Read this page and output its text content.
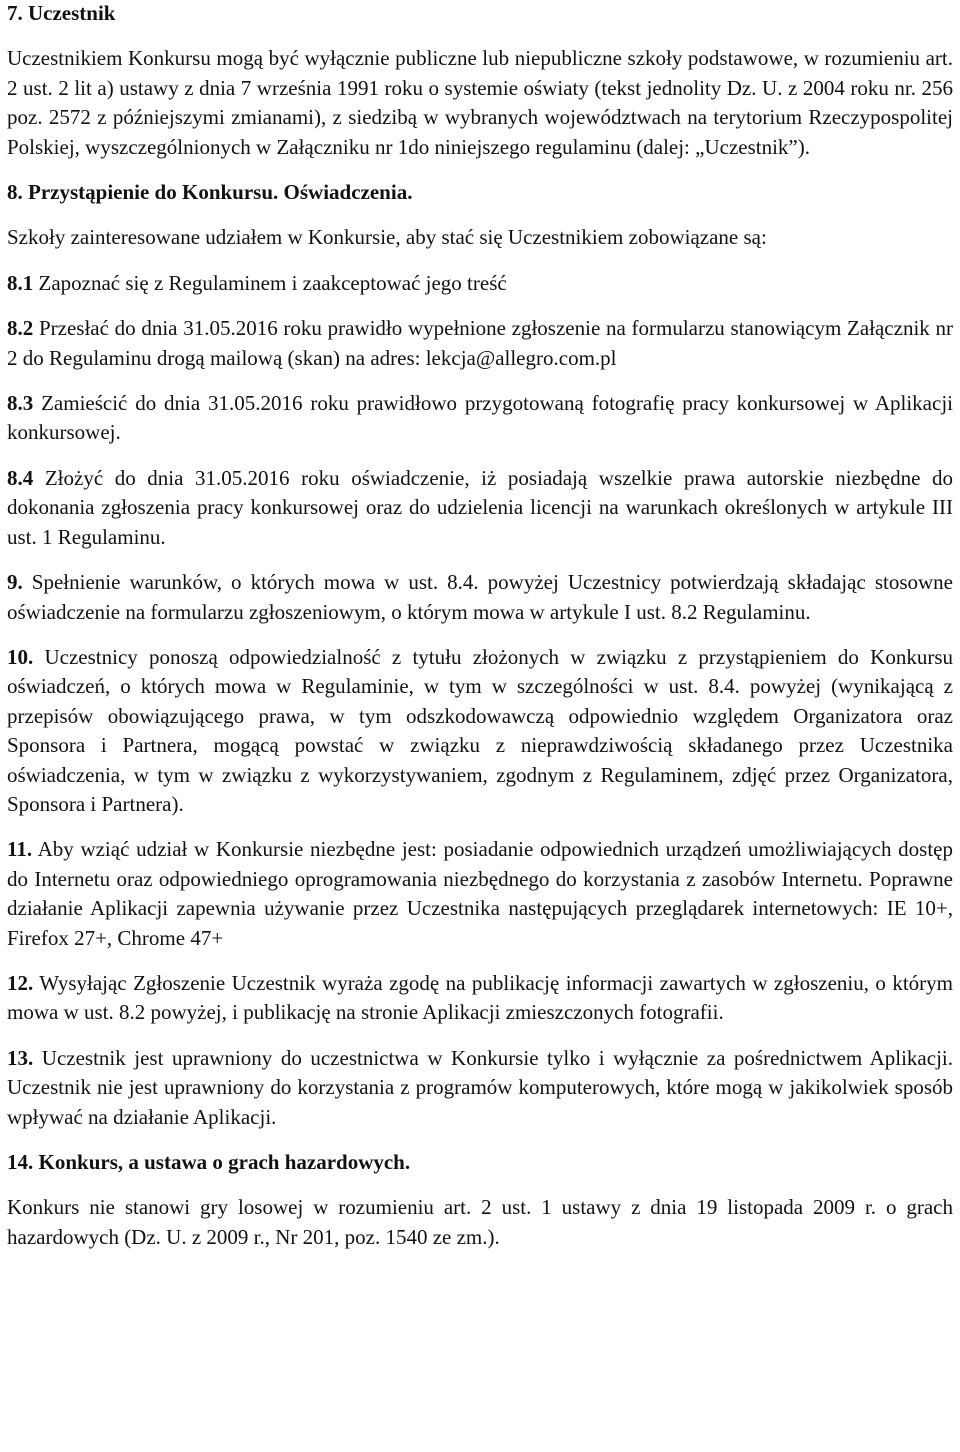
7. Uczestnik

Uczestnikiem Konkursu mogą być wyłącznie publiczne lub niepubliczne szkoły podstawowe, w rozumieniu art. 2 ust. 2 lit a) ustawy z dnia 7 września 1991 roku o systemie oświaty (tekst jednolity Dz. U. z 2004 roku nr. 256 poz. 2572 z późniejszymi zmianami), z siedzibą w wybranych województwach na terytorium Rzeczypospolitej Polskiej, wyszczególnionych w Załączniku nr 1do niniejszego regulaminu (dalej: „Uczestnik”).

8. Przystąpienie do Konkursu. Oświadczenia.

Szkoły zainteresowane udziałem w Konkursie, aby stać się Uczestnikiem zobowiązane są:

8.1 Zapoznać się z Regulaminem i zaakceptować jego treść

8.2 Przesłać do dnia 31.05.2016 roku prawidło wypełnione zgłoszenie na formularzu stanowiącym Załącznik nr 2 do Regulaminu drogą mailową (skan) na adres: lekcja@allegro.com.pl

8.3 Zamieścić do dnia 31.05.2016 roku prawidłowo przygotowaną fotografię pracy konkursowej w Aplikacji konkursowej.

8.4 Złożyć do dnia 31.05.2016 roku oświadczenie, iż posiadają wszelkie prawa autorskie niezbędne do dokonania zgłoszenia pracy konkursowej oraz do udzielenia licencji na warunkach określonych w artykule III ust. 1 Regulaminu.

9. Spełnienie warunków, o których mowa w ust. 8.4. powyżej Uczestnicy potwierdzają składając stosowne oświadczenie na formularzu zgłoszeniowym, o którym mowa w artykule I ust. 8.2 Regulaminu.

10. Uczestnicy ponoszą odpowiedzialność z tytułu złożonych w związku z przystąpieniem do Konkursu oświadczeń, o których mowa w Regulaminie, w tym w szczególności w ust. 8.4. powyżej (wynikającą z przepisów obowiązującego prawa, w tym odszkodowawczą odpowiednio względem Organizatora oraz Sponsora i Partnera, mogącą powstać w związku z nieprawdziwością składanego przez Uczestnika oświadczenia, w tym w związku z wykorzystywaniem, zgodnym z Regulaminem, zdjęć przez Organizatora, Sponsora i Partnera).

11. Aby wziąć udział w Konkursie niezbędne jest: posiadanie odpowiednich urządzeń umożliwiających dostęp do Internetu oraz odpowiedniego oprogramowania niezbędnego do korzystania z zasobów Internetu. Poprawne działanie Aplikacji zapewnia używanie przez Uczestnika następujących przeglądarek internetowych: IE 10+, Firefox 27+, Chrome 47+

12. Wysyłając Zgłoszenie Uczestnik wyraża zgodę na publikację informacji zawartych w zgłoszeniu, o którym mowa w ust. 8.2 powyżej, i publikację na stronie Aplikacji zmieszczonych fotografii.

13. Uczestnik jest uprawniony do uczestnictwa w Konkursie tylko i wyłącznie za pośrednictwem Aplikacji. Uczestnik nie jest uprawniony do korzystania z programów komputerowych, które mogą w jakikolwiek sposób wpływać na działanie Aplikacji.

14. Konkurs, a ustawa o grach hazardowych.

Konkurs nie stanowi gry losowej w rozumieniu art. 2 ust. 1 ustawy z dnia 19 listopada 2009 r. o grach hazardowych (Dz. U. z 2009 r., Nr 201, poz. 1540 ze zm.).
